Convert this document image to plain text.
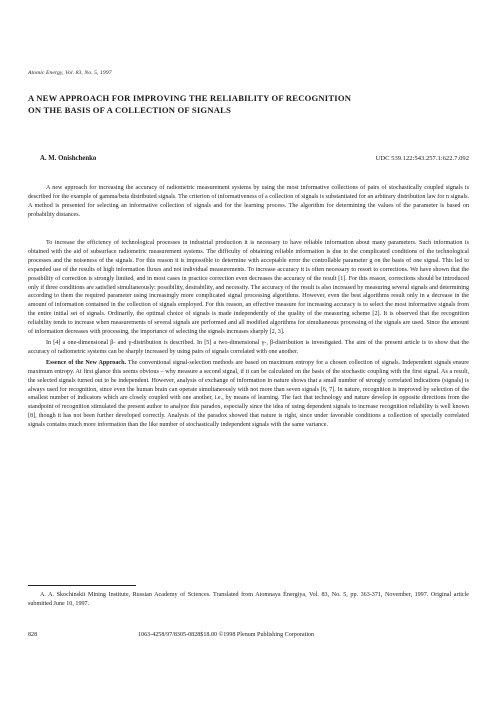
Atomic Energy, Vol. 83, No. 5, 1997
A NEW APPROACH FOR IMPROVING THE RELIABILITY OF RECOGNITION ON THE BASIS OF A COLLECTION OF SIGNALS
A. M. Onishchenko	UDC 539.122:543.257.1:622.7.092

A new approach for increasing the accuracy of radiometric measurement systems by using the most informative collections of pairs of stochastically coupled signals is described for the example of gamma/beta distributed signals. The criterion of informativeness of a collection of signals is substantiated for an arbitrary distribution law for n signals. A method is presented for selecting an informative collection of signals and for the learning process. The algorithm for determining the values of the parameter is based on probability distances.

To increase the efficiency of technological processes in industrial production it is necessary to have reliable information about many parameters. Such information is obtained with the aid of subsurface radiometric measurement systems. The difficulty of obtaining reliable information is due to the complicated conditions of the technological processes and the noiseness of the signals. For this reason it is impossible to determine with acceptable error the controllable parameter g on the basis of one signal. This led to expanded use of the results of high information fluxes and not individual measurements. To increase accuracy it is often necessary to resort to corrections. We have shown that the possibility of correction is strongly limited, and in most cases in practice correction even decreases the accuracy of the result [1]. For this reason, corrections should be introduced only if three conditions are satisfied simultaneously: possibility, desirability, and necessity. The accuracy of the result is also increased by measuring several signals and determining according to them the required parameter using increasingly more complicated signal processing algorithms. However, even the best algorithms result only in a decrease in the amount of information contained in the collection of signals employed. For this reason, an effective measure for increasing accuracy is to select the most informative signals from the entire initial set of signals. Ordinarily, the optimal choice of signals is made independently of the quality of the measuring scheme [2]. It is observed that the recognition reliability tends to increase when measurements of several signals are performed and all modified algorithms for simultaneous processing of the signals are used. Since the amount of information decreases with processing, the importance of selecting the signals increases sharply [2, 3].

In [4] a one-dimensional β- and γ-distribution is described. In [5] a two-dimensional γ-, β-distribution is investigated. The aim of the present article is to show that the accuracy of radiometric systems can be sharply increased by using pairs of signals correlated with one another.

Essence of the New Approach. The conventional signal-selection methods are based on maximum entropy for a chosen collection of signals. Independent signals ensure maximum entropy. At first glance this seems obvious – why measure a second signal, if it can be calculated on the basis of the stochastic coupling with the first signal. As a result, the selected signals turned out to be independent. However, analysis of exchange of information in nature shows that a small number of strongly correlated indications (signals) is always used for recognition, since even the human brain can operate simultaneously with not more than seven signals [6, 7]. In nature, recognition is improved by selection of the smallest number of indicators which are closely coupled with one another, i.e., by means of learning. The fact that technology and nature develop in opposite directions from the standpoint of recognition stimulated the present author to analyze this paradox, especially since the idea of using dependent signals to increase recognition reliability is well known [8], though it has not been further developed correctly. Analysis of the paradox showed that nature is right, since under favorable conditions a collection of specially correlated signals contains much more information than the like number of stochastically independent signals with the same variance.

A. A. Skochinskii Mining Institute, Russian Academy of Sciences. Translated from Atomnaya Énergiya, Vol. 83, No. 5, pp. 363-371, November, 1997. Original article submitted June 10, 1997.

828	1063-4258/97/8305-0828$18.00 ©1998 Plenum Publishing Corporation
